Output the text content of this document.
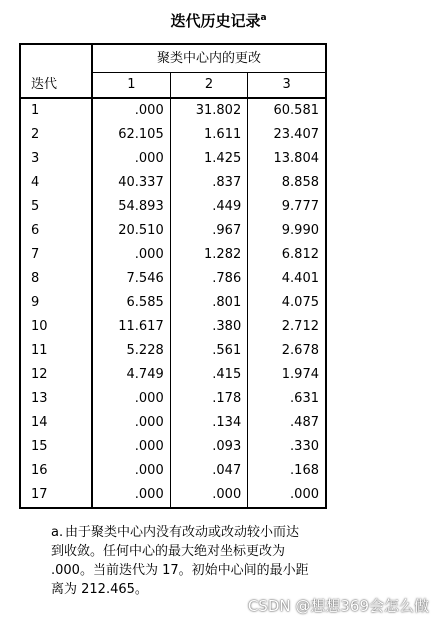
迭代历史记录$^a$
	聚类中心内的更改		
迭代	1	2	3
1	.000	31.802	60.581
2	62.105	1.611	23.407
3	.000	1.425	13.804
4	40.337	.837	8.858
5	54.893	.449	9.777
6	20.510	.967	9.990
7	.000	1.282	6.812
8	7.546	.786	4.401
9	6.585	.801	4.075
10	11.617	.380	2.712
11	5.228	.561	2.678
12	4.749	.415	1.974
13	.000	.178	.631
14	.000	.134	.487
15	.000	.093	.330
16	.000	.047	.168
17	.000	.000	.000
a. 由于聚类中心内没有改动或改动较小而达到收敛。任何中心的最大绝对坐标更改为 .000。当前迭代为 17。初始中心间的最小距离为 212.465。
CSDN @想想369会怎么做
